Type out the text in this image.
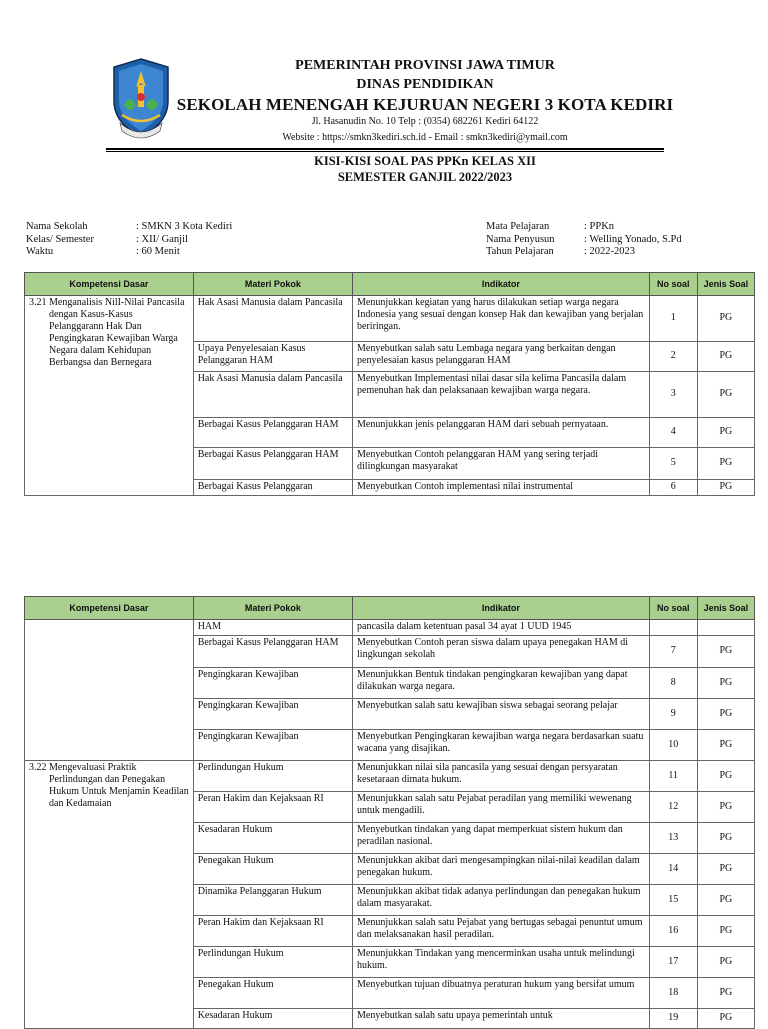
PEMERINTAH PROVINSI JAWA TIMUR
DINAS PENDIDIKAN
SEKOLAH MENENGAH KEJURUAN NEGERI 3 KOTA KEDIRI
Jl. Hasanudin No. 10 Telp : (0354) 682261 Kediri 64122
Website : https://smkn3kediri.sch.id - Email : smkn3kediri@ymail.com
KISI-KISI SOAL PAS PPKn KELAS XII
SEMESTER GANJIL 2022/2023
Nama Sekolah	: SMKN 3 Kota Kediri
Kelas/ Semester	: XII/ Ganjil
Waktu	: 60 Menit
Mata Pelajaran	: PPKn
Nama Penyusun	: Welling Yonado, S.Pd
Tahun Pelajaran	: 2022-2023
Kompetensi Dasar	Materi Pokok	Indikator	No soal	Jenis Soal

3.21 Menganalisis NilI-Nilai Pancasila dengan Kasus-Kasus Pelanggarann Hak Dan Pengingkaran Kewajiban Warga Negara dalam Kehidupan Berbangsa dan Bernegara	Hak Asasi Manusia dalam Pancasila	Menunjukkan kegiatan yang harus dilakukan setiap warga negara Indonesia yang sesuai dengan konsep Hak dan kewajiban yang berjalan beriringan.	1	PG
	Upaya Penyelesaian Kasus Pelanggaran HAM	Menyebutkan salah satu Lembaga negara yang berkaitan dengan penyelesaian kasus pelanggaran HAM	2	PG
	Hak Asasi Manusia dalam Pancasila	Menyebutkan Implementasi nilai dasar sila kelima Pancasila dalam pemenuhan hak dan pelaksanaan kewajiban warga negara.	3	PG
	Berbagai Kasus Pelanggaran HAM	Menunjukkan jenis pelanggaran HAM dari sebuah pernyataan.	4	PG
	Berbagai Kasus Pelanggaran HAM	Menyebutkan Contoh pelanggaran HAM yang sering terjadi dilingkungan masyarakat	5	PG
	Berbagai Kasus Pelanggaran	Menyebutkan Contoh implementasi nilai instrumental	6	PG
Kompetensi Dasar	Materi Pokok	Indikator	No soal	Jenis Soal
	HAM	pancasila dalam ketentuan pasal 34 ayat 1 UUD 1945		
	Berbagai Kasus Pelanggaran HAM	Menyebutkan Contoh peran siswa dalam upaya penegakan HAM di lingkungan sekolah	7	PG
	Pengingkaran Kewajiban	Menunjukkan Bentuk tindakan pengingkaran kewajiban yang dapat dilakukan warga negara.	8	PG
	Pengingkaran Kewajiban	Menyebutkan salah satu kewajiban siswa sebagai seorang pelajar	9	PG
	Pengingkaran Kewajiban	Menyebutkan Pengingkaran kewajiban warga negara berdasarkan suatu wacana yang disajikan.	10	PG

3.22 Mengevaluasi Praktik Perlindungan dan Penegakan Hukum Untuk Menjamin Keadilan dan Kedamaian	Perlindungan Hukum	Menunjukkan nilai sila pancasila yang sesuai dengan persyaratan kesetaraan dimata hukum.	11	PG
	Peran Hakim dan Kejaksaan RI	Menunjukkan salah satu Pejabat peradilan yang memiliki wewenang untuk mengadili.	12	PG
	Kesadaran Hukum	Menyebutkan tindakan yang dapat memperkuat sistem hukum dan peradilan nasional.	13	PG
	Penegakan Hukum	Menunjukkan akibat dari mengesampingkan nilai-nilai keadilan dalam penegakan hukum.	14	PG
	Dinamika Pelanggaran Hukum	Menunjukkan akibat tidak adanya perlindungan dan penegakan hukum dalam masyarakat.	15	PG
	Peran Hakim dan Kejaksaan RI	Menunjukkan salah satu Pejabat yang bertugas sebagai penuntut umum dan melaksanakan hasil peradilan.	16	PG
	Perlindungan Hukum	Menunjukkan Tindakan yang mencerminkan usaha untuk melindungi hukum.	17	PG
	Penegakan Hukum	Menyebutkan tujuan dibuatnya peraturan hukum yang bersifat umum	18	PG
	Kesadaran Hukum	Menyebutkan salah satu upaya pemerintah untuk	19	PG
